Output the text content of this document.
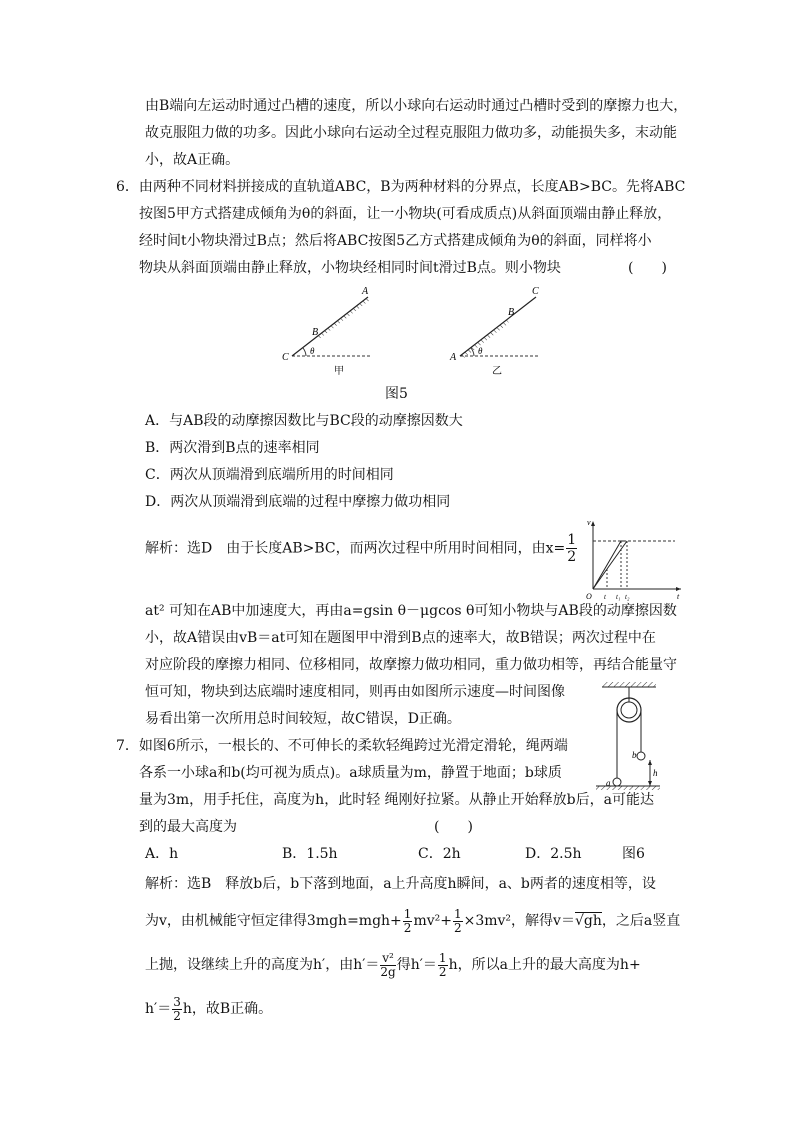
由B端向左运动时通过凸槽的速度，所以小球向右运动时通过凸槽时受到的摩擦力也大，
故克服阻力做的功多。因此小球向右运动全过程克服阻力做功多，动能损失多，末动能
小，故A正确。
6．由两种不同材料拼接成的直轨道ABC，B为两种材料的分界点，长度AB>BC。先将ABC
按图5甲方式搭建成倾角为θ的斜面，让一小物块(可看成质点)从斜面顶端由静止释放，
经时间t小物块滑过B点；然后将ABC按图5乙方式搭建成倾角为θ的斜面，同样将小
物块从斜面顶端由静止释放，小物块经相同时间t滑过B点。则小物块	(　　)
C
B
A
θ
甲
A
B
C
θ
乙
图5
A．与AB段的动摩擦因数比与BC段的动摩擦因数大
B．两次滑到B点的速率相同
C．两次从顶端滑到底端所用的时间相同
D．两次从顶端滑到底端的过程中摩擦力做功相同
解析：选D　由于长度AB>BC，而两次过程中所用时间相同，由$x= \frac{1}{2}$
v
t
O t t₁ t₂
at² 可知在AB中加速度大，再由a=gsin θ－μgcos θ可知小物块与AB段的动摩擦因数
小，故A错误由vB＝at可知在题图甲中滑到B点的速率大，故B错误；两次过程中在
对应阶段的摩擦力相同、位移相同，故摩擦力做功相同，重力做功相等，再结合能量守
恒可知，物块到达底端时速度相同，则再由如图所示速度—时间图像
易看出第一次所用总时间较短，故C错误，D正确。
a
b
h
7．如图6所示，一根长的、不可伸长的柔软轻绳跨过光滑定滑轮，绳两端
各系一小球a和b(均可视为质点)。a球质量为m，静置于地面；b球质
量为3m，用手托住，高度为h，此时轻 绳刚好拉紧。从静止开始释放b后，a可能达
到的最大高度为	(　　)
A．h	B．1.5h	C．2h	D．2.5h	图6
解析：选B　释放b后，b下落到地面，a上升高度h瞬间，a、b两者的速度相等，设
为v，由机械能守恒定律得$3mgh=mgh+ \frac{1}{2} mv^2+ \frac{1}{2} \times 3mv^2$，解得v＝√gh，之后a竖直
上抛，设继续上升的高度为h′，由$h'= \frac{\text{v²}}{2g}$ 得$h'= \frac{1}{2}$ h，所以a上升的最大高度为h+
$h'= \frac{3}{2}$ h，故B正确。
